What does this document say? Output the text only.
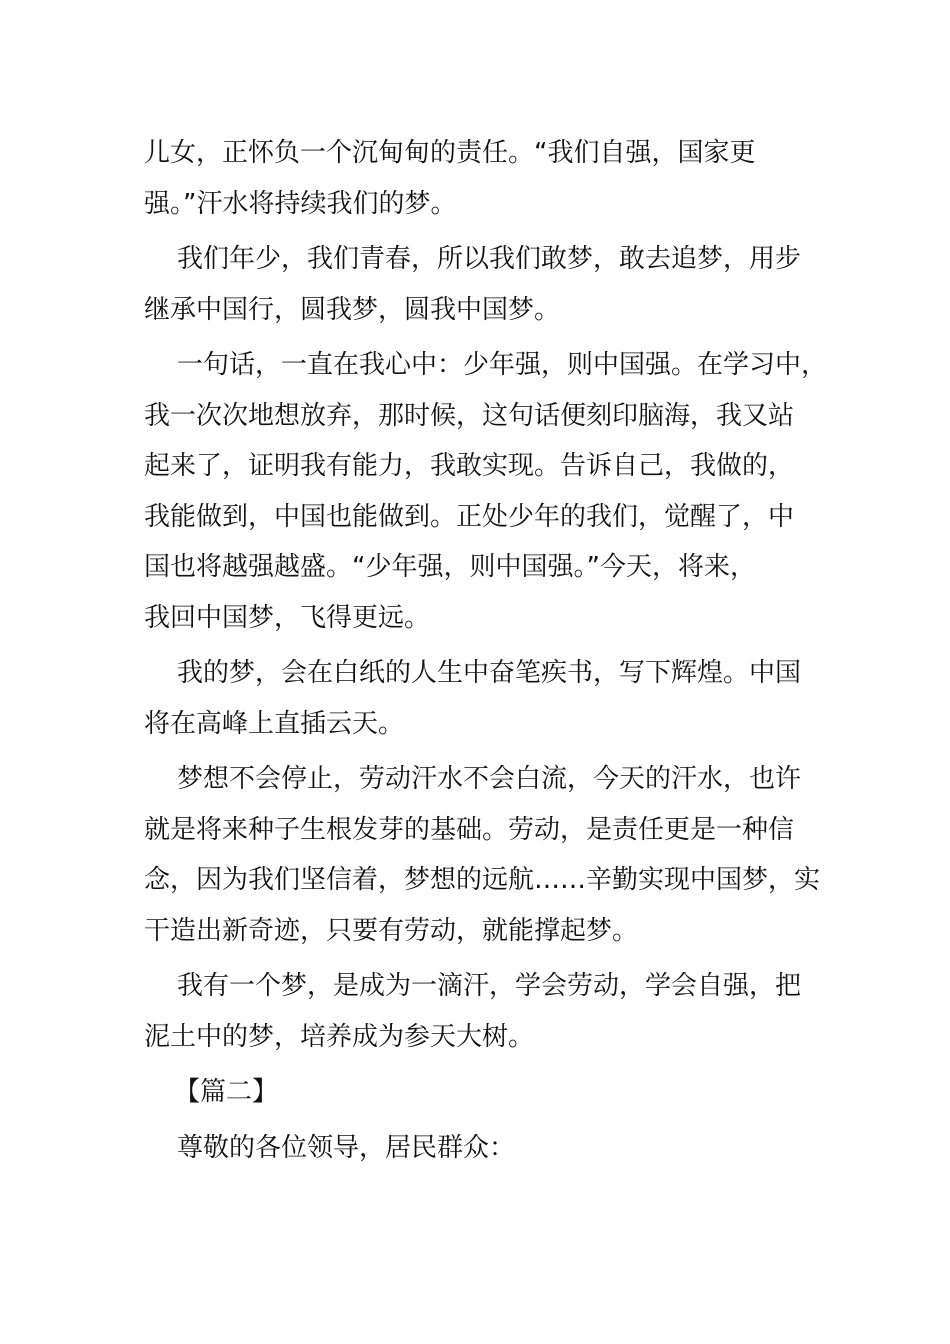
儿女，正怀负一个沉甸甸的责任。“我们自强，国家更
强。”汗水将持续我们的梦。
我们年少，我们青春，所以我们敢梦，敢去追梦，用步
继承中国行，圆我梦，圆我中国梦。
一句话，一直在我心中：少年强，则中国强。在学习中，
我一次次地想放弃，那时候，这句话便刻印脑海，我又站
起来了，证明我有能力，我敢实现。告诉自己，我做的，
我能做到，中国也能做到。正处少年的我们，觉醒了，中
国也将越强越盛。“少年强，则中国强。”今天，将来，
我回中国梦，飞得更远。
我的梦，会在白纸的人生中奋笔疾书，写下辉煌。中国
将在高峰上直插云天。
梦想不会停止，劳动汗水不会白流，今天的汗水，也许
就是将来种子生根发芽的基础。劳动，是责任更是一种信
念，因为我们坚信着，梦想的远航……辛勤实现中国梦，实
干造出新奇迹，只要有劳动，就能撑起梦。
我有一个梦，是成为一滴汗，学会劳动，学会自强，把
泥土中的梦，培养成为参天大树。
【篇二】
尊敬的各位领导，居民群众：
